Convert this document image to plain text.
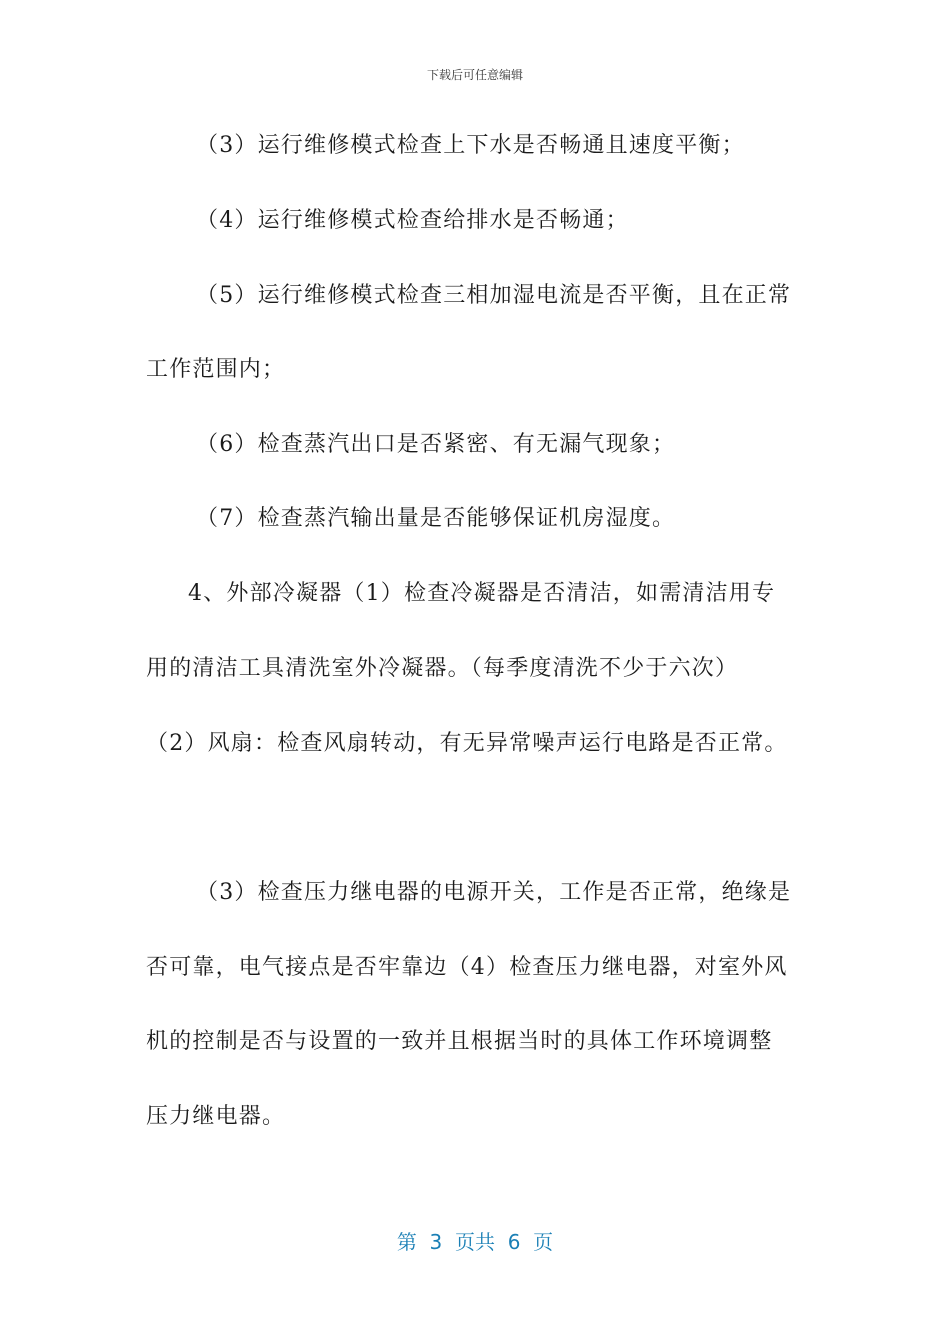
下载后可任意编辑
（3）运行维修模式检查上下水是否畅通且速度平衡；
（4）运行维修模式检查给排水是否畅通；
（5）运行维修模式检查三相加湿电流是否平衡，且在正常
工作范围内；
（6）检查蒸汽出口是否紧密、有无漏气现象；
（7）检查蒸汽输出量是否能够保证机房湿度。
4、外部冷凝器（1）检查冷凝器是否清洁，如需清洁用专
用的清洁工具清洗室外冷凝器。（每季度清洗不少于六次）
（2）风扇：检查风扇转动，有无异常噪声运行电路是否正常。
（3）检查压力继电器的电源开关，工作是否正常，绝缘是
否可靠，电气接点是否牢靠边（4）检查压力继电器，对室外风
机的控制是否与设置的一致并且根据当时的具体工作环境调整
压力继电器。
第  3  页共  6  页
